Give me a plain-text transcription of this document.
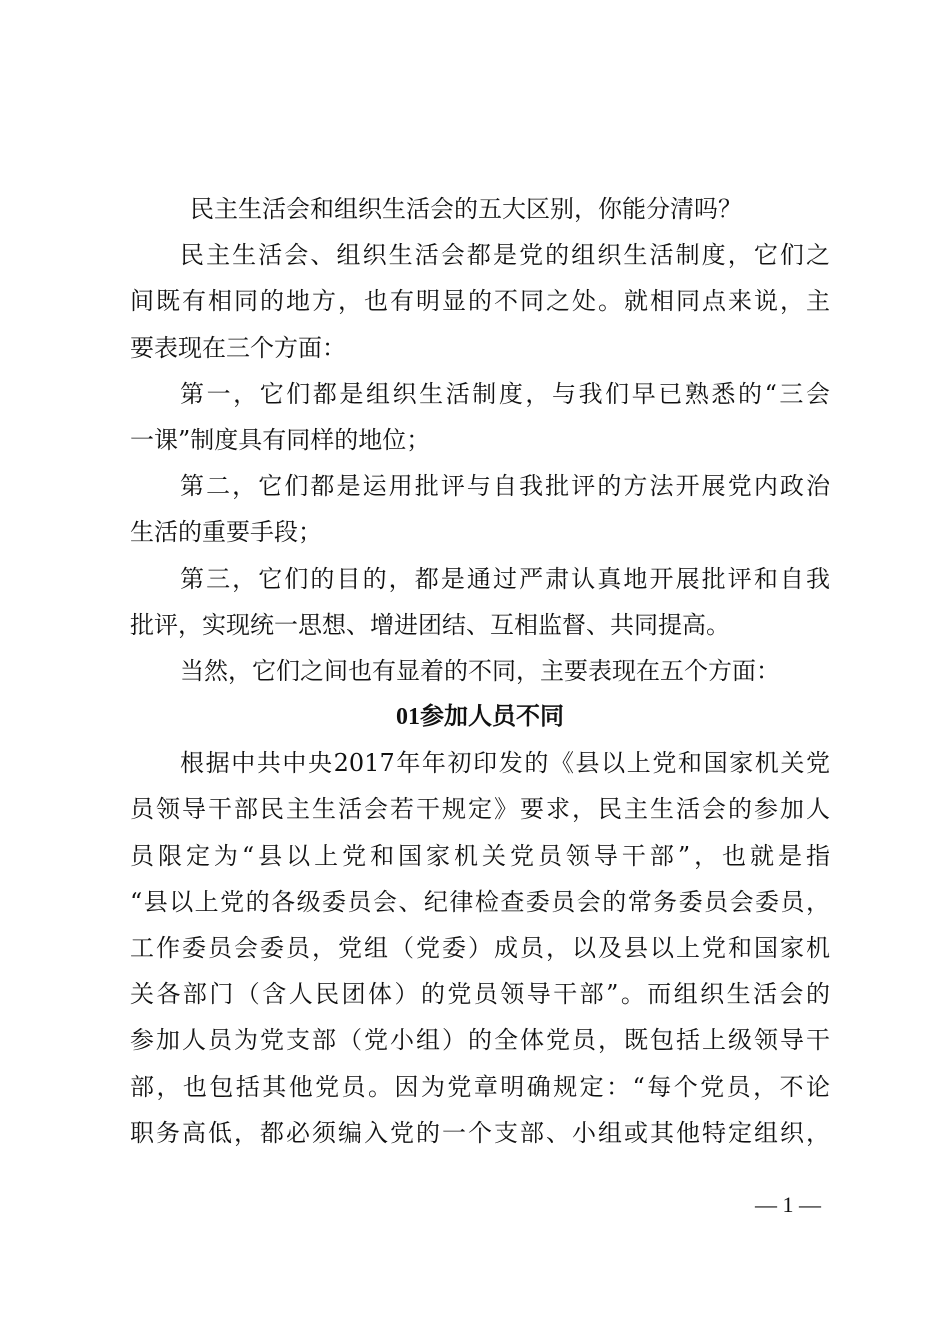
民主生活会和组织生活会的五大区别，你能分清吗？
民主生活会、组织生活会都是党的组织生活制度，它们之
间既有相同的地方，也有明显的不同之处。就相同点来说，主
要表现在三个方面：
第一，它们都是组织生活制度，与我们早已熟悉的“三会
一课”制度具有同样的地位；
第二，它们都是运用批评与自我批评的方法开展党内政治
生活的重要手段；
第三，它们的目的，都是通过严肃认真地开展批评和自我
批评，实现统一思想、增进团结、互相监督、共同提高。
当然，它们之间也有显着的不同，主要表现在五个方面：
01参加人员不同
根据中共中央2017年年初印发的《县以上党和国家机关党
员领导干部民主生活会若干规定》要求，民主生活会的参加人
员限定为“县以上党和国家机关党员领导干部”，也就是指
“县以上党的各级委员会、纪律检查委员会的常务委员会委员，
工作委员会委员，党组（党委）成员，以及县以上党和国家机
关各部门（含人民团体）的党员领导干部”。而组织生活会的
参加人员为党支部（党小组）的全体党员，既包括上级领导干
部，也包括其他党员。因为党章明确规定：“每个党员，不论
职务高低，都必须编入党的一个支部、小组或其他特定组织，
— 1 —
